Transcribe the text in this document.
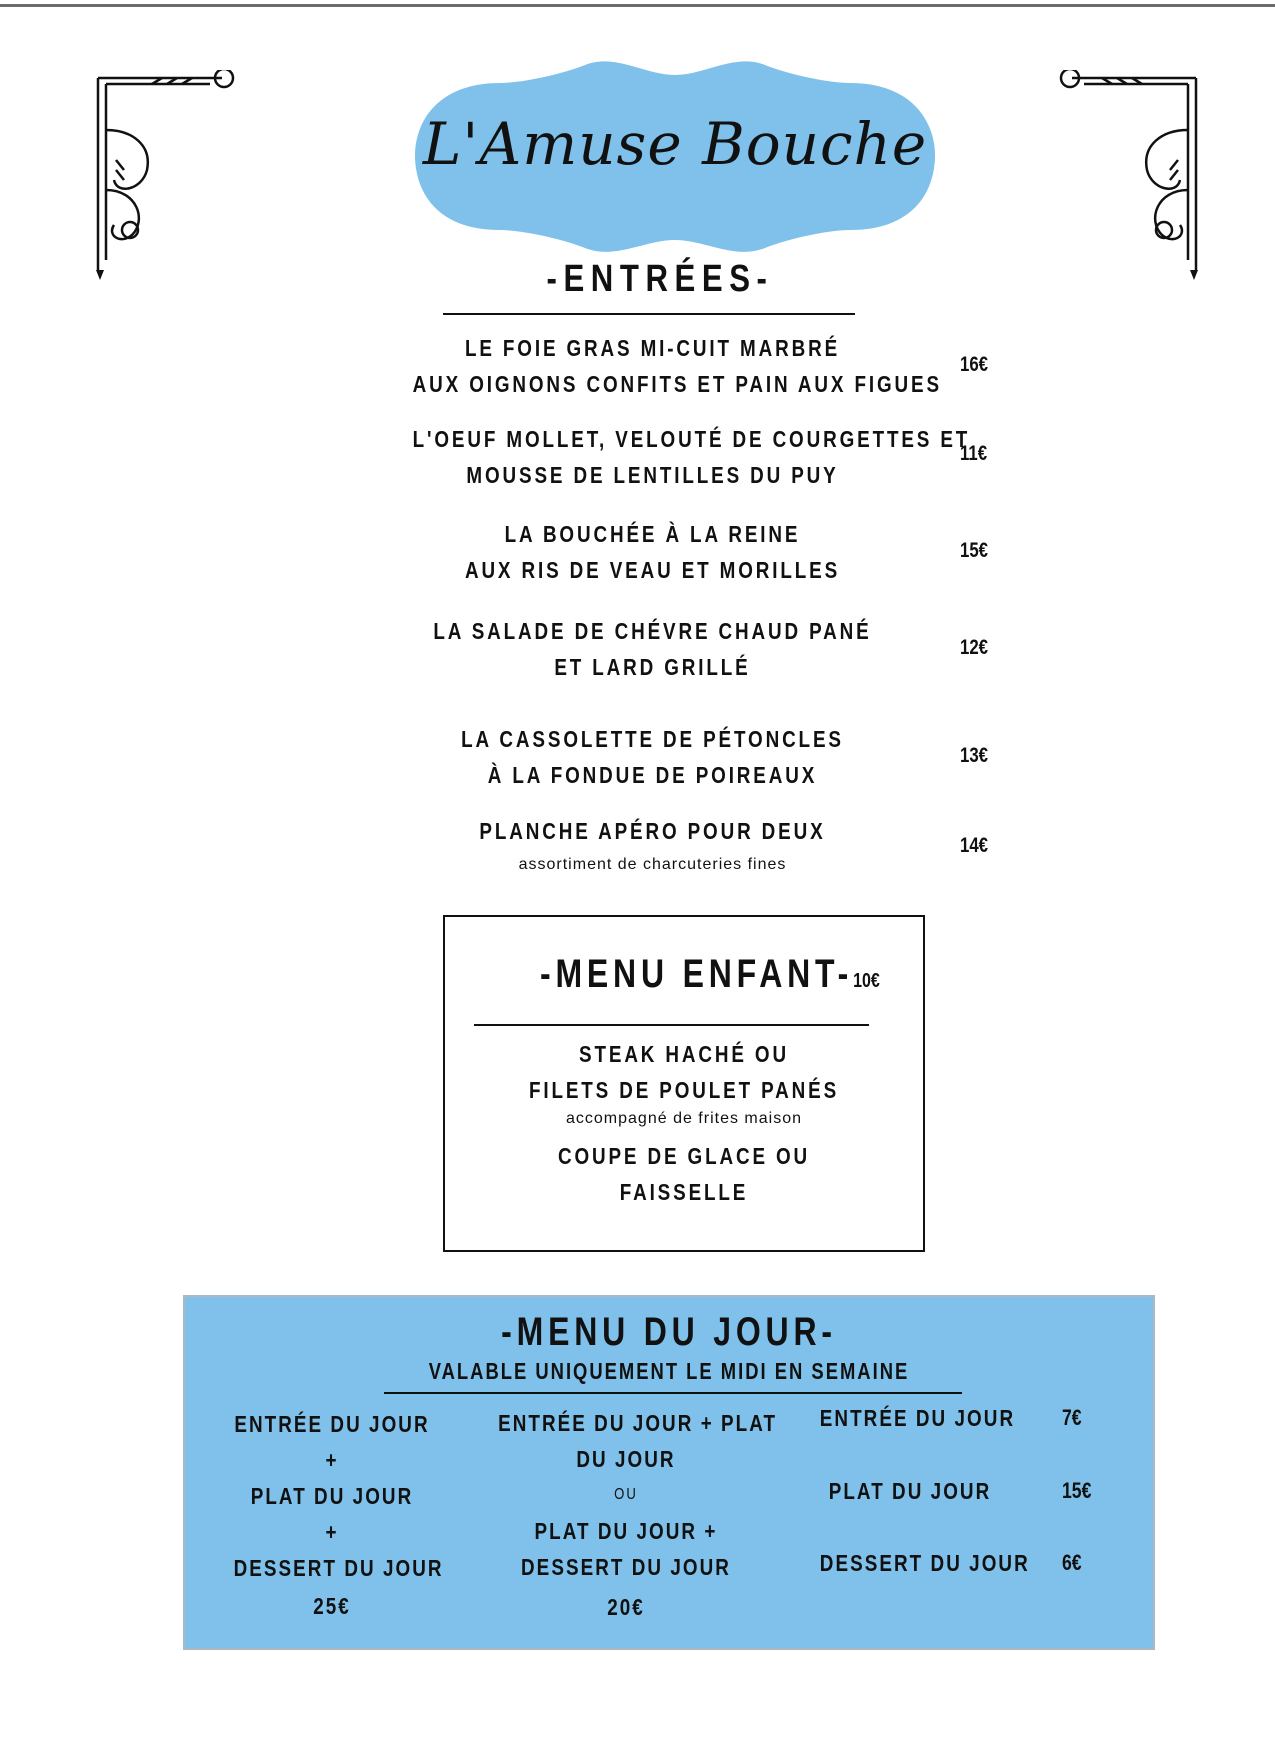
L'Amuse Bouche
-ENTRÉES-
LE FOIE GRAS MI-CUIT MARBRÉ
AUX OIGNONS CONFITS ET PAIN AUX FIGUES
16€
L'OEUF MOLLET, VELOUTÉ DE COURGETTES ET
MOUSSE DE LENTILLES DU PUY
11€
LA BOUCHÉE À LA REINE
AUX RIS DE VEAU ET MORILLES
15€
LA SALADE DE CHÉVRE CHAUD PANÉ
ET LARD GRILLÉ
12€
LA CASSOLETTE DE PÉTONCLES
À LA FONDUE DE POIREAUX
13€
PLANCHE APÉRO POUR DEUX
assortiment de charcuteries fines
14€
-MENU ENFANT-10€
STEAK HACHÉ OU
FILETS DE POULET PANÉS
accompagné de frites maison
COUPE DE GLACE OU
FAISSELLE
-MENU DU JOUR-
VALABLE UNIQUEMENT LE MIDI EN SEMAINE
ENTRÉE DU JOUR
+
PLAT DU JOUR
+
DESSERT DU JOUR
25€
ENTRÉE DU JOUR + PLAT
DU JOUR
OU
PLAT DU JOUR +
DESSERT DU JOUR
20€
ENTRÉE DU JOUR 7€
PLAT DU JOUR	15€
DESSERT DU JOUR 6€
